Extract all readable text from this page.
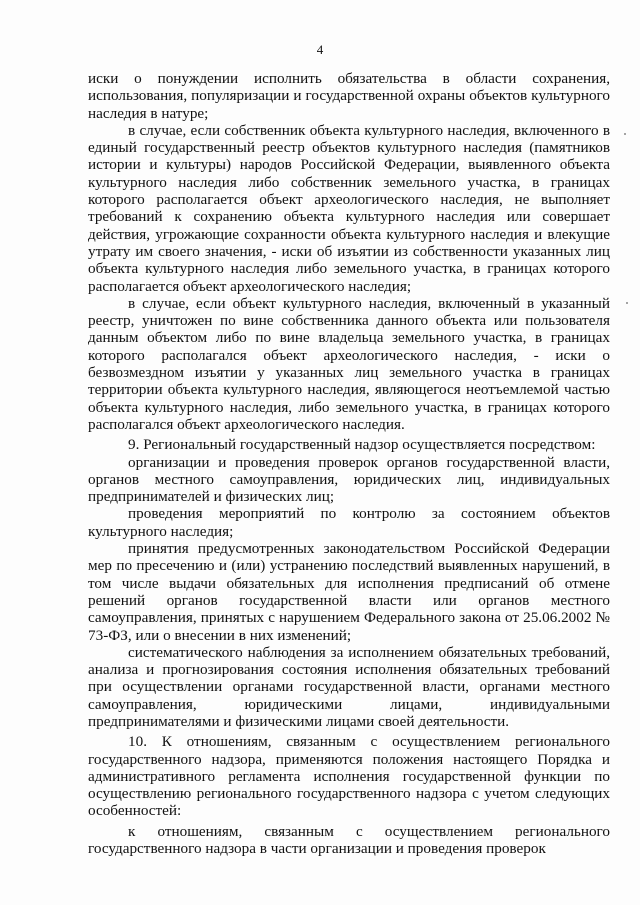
4

иски о понуждении исполнить обязательства в области сохранения, использования, популяризации и государственной охраны объектов культурного наследия в натуре;

в случае, если собственник объекта культурного наследия, включенного в единый государственный реестр объектов культурного наследия (памятников истории и культуры) народов Российской Федерации, выявленного объекта культурного наследия либо собственник земельного участка, в границах которого располагается объект археологического наследия, не выполняет требований к сохранению объекта культурного наследия или совершает действия, угрожающие сохранности объекта культурного наследия и влекущие утрату им своего значения, - иски об изъятии из собственности указанных лиц объекта культурного наследия либо земельного участка, в границах которого располагается объект археологического наследия;

в случае, если объект культурного наследия, включенный в указанный реестр, уничтожен по вине собственника данного объекта или пользователя данным объектом либо по вине владельца земельного участка, в границах которого располагался объект археологического наследия, - иски о безвозмездном изъятии у указанных лиц земельного участка в границах территории объекта культурного наследия, являющегося неотъемлемой частью объекта культурного наследия, либо земельного участка, в границах которого располагался объект археологического наследия.

9. Региональный государственный надзор осуществляется посредством:

организации и проведения проверок органов государственной власти, органов местного самоуправления, юридических лиц, индивидуальных предпринимателей и физических лиц;

проведения мероприятий по контролю за состоянием объектов культурного наследия;

принятия предусмотренных законодательством Российской Федерации мер по пресечению и (или) устранению последствий выявленных нарушений, в том числе выдачи обязательных для исполнения предписаний об отмене решений органов государственной власти или органов местного самоуправления, принятых с нарушением Федерального закона от 25.06.2002 № 73-ФЗ, или о внесении в них изменений;

систематического наблюдения за исполнением обязательных требований, анализа и прогнозирования состояния исполнения обязательных требований при осуществлении органами государственной власти, органами местного самоуправления, юридическими лицами, индивидуальными предпринимателями и физическими лицами своей деятельности.

10. К отношениям, связанным с осуществлением регионального государственного надзора, применяются положения настоящего Порядка и административного регламента исполнения государственной функции по осуществлению регионального государственного надзора с учетом следующих особенностей:

к отношениям, связанным с осуществлением регионального государственного надзора в части организации и проведения проверок
